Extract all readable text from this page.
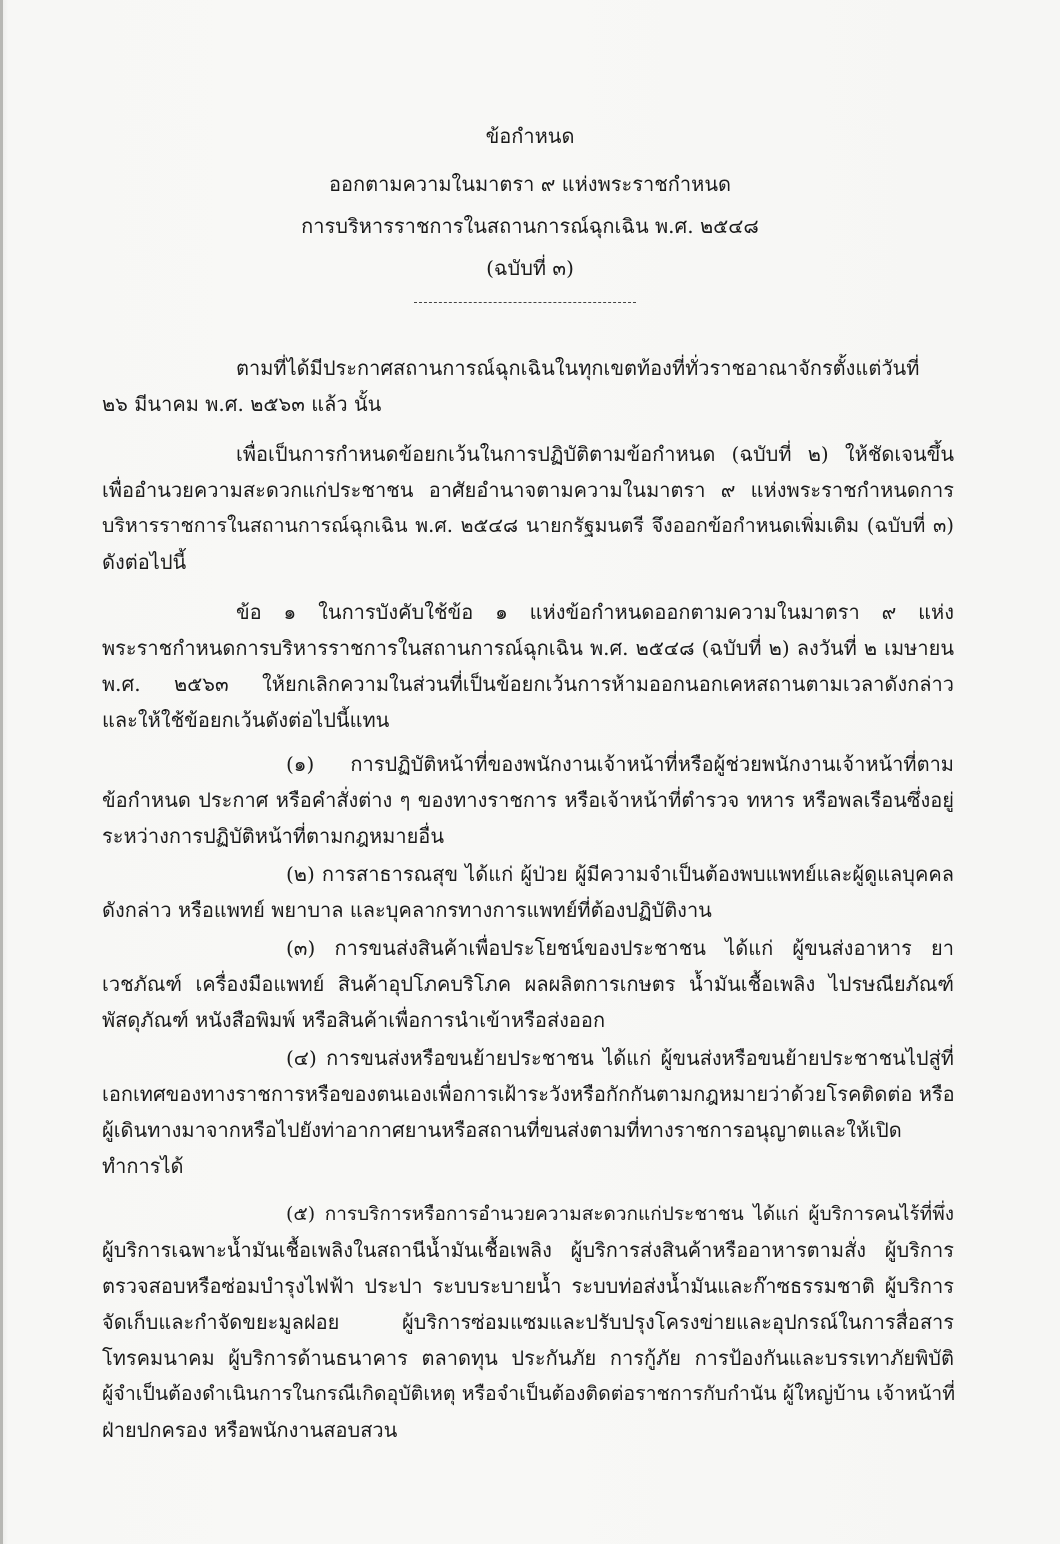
ข้อกำหนด
ออกตามความในมาตรา ๙ แห่งพระราชกำหนด
การบริหารราชการในสถานการณ์ฉุกเฉิน พ.ศ. ๒๕๔๘
(ฉบับที่ ๓)
ตามที่ได้มีประกาศสถานการณ์ฉุกเฉินในทุกเขตท้องที่ทั่วราชอาณาจักรตั้งแต่วันที่
๒๖ มีนาคม พ.ศ. ๒๕๖๓ แล้ว นั้น
เพื่อเป็นการกำหนดข้อยกเว้นในการปฏิบัติตามข้อกำหนด (ฉบับที่ ๒) ให้ชัดเจนขึ้น
เพื่ออำนวยความสะดวกแก่ประชาชน อาศัยอำนาจตามความในมาตรา ๙ แห่งพระราชกำหนดการ
บริหารราชการในสถานการณ์ฉุกเฉิน พ.ศ. ๒๕๔๘ นายกรัฐมนตรี จึงออกข้อกำหนดเพิ่มเติม (ฉบับที่ ๓)
ดังต่อไปนี้
ข้อ ๑ ในการบังคับใช้ข้อ ๑ แห่งข้อกำหนดออกตามความในมาตรา ๙ แห่ง
พระราชกำหนดการบริหารราชการในสถานการณ์ฉุกเฉิน พ.ศ. ๒๕๔๘ (ฉบับที่ ๒) ลงวันที่ ๒ เมษายน
พ.ศ. ๒๕๖๓ ให้ยกเลิกความในส่วนที่เป็นข้อยกเว้นการห้ามออกนอกเคหสถานตามเวลาดังกล่าว
และให้ใช้ข้อยกเว้นดังต่อไปนี้แทน
(๑) การปฏิบัติหน้าที่ของพนักงานเจ้าหน้าที่หรือผู้ช่วยพนักงานเจ้าหน้าที่ตาม
ข้อกำหนด ประกาศ หรือคำสั่งต่าง ๆ ของทางราชการ หรือเจ้าหน้าที่ตำรวจ ทหาร หรือพลเรือนซึ่งอยู่
ระหว่างการปฏิบัติหน้าที่ตามกฎหมายอื่น
(๒) การสาธารณสุข ได้แก่ ผู้ป่วย ผู้มีความจำเป็นต้องพบแพทย์และผู้ดูแลบุคคล
ดังกล่าว หรือแพทย์ พยาบาล และบุคลากรทางการแพทย์ที่ต้องปฏิบัติงาน
(๓) การขนส่งสินค้าเพื่อประโยชน์ของประชาชน ได้แก่ ผู้ขนส่งอาหาร ยา
เวชภัณฑ์ เครื่องมือแพทย์ สินค้าอุปโภคบริโภค ผลผลิตการเกษตร น้ำมันเชื้อเพลิง ไปรษณียภัณฑ์
พัสดุภัณฑ์ หนังสือพิมพ์ หรือสินค้าเพื่อการนำเข้าหรือส่งออก
(๔) การขนส่งหรือขนย้ายประชาชน ได้แก่ ผู้ขนส่งหรือขนย้ายประชาชนไปสู่ที่
เอกเทศของทางราชการหรือของตนเองเพื่อการเฝ้าระวังหรือกักกันตามกฎหมายว่าด้วยโรคติดต่อ หรือ
ผู้เดินทางมาจากหรือไปยังท่าอากาศยานหรือสถานที่ขนส่งตามที่ทางราชการอนุญาตและให้เปิด
ทำการได้
(๕) การบริการหรือการอำนวยความสะดวกแก่ประชาชน ได้แก่ ผู้บริการคนไร้ที่พึ่ง
ผู้บริการเฉพาะน้ำมันเชื้อเพลิงในสถานีน้ำมันเชื้อเพลิง ผู้บริการส่งสินค้าหรืออาหารตามสั่ง ผู้บริการ
ตรวจสอบหรือซ่อมบำรุงไฟฟ้า ประปา ระบบระบายน้ำ ระบบท่อส่งน้ำมันและก๊าซธรรมชาติ ผู้บริการ
จัดเก็บและกำจัดขยะมูลฝอย ผู้บริการซ่อมแซมและปรับปรุงโครงข่ายและอุปกรณ์ในการสื่อสาร
โทรคมนาคม ผู้บริการด้านธนาคาร ตลาดทุน ประกันภัย การกู้ภัย การป้องกันและบรรเทาภัยพิบัติ
ผู้จำเป็นต้องดำเนินการในกรณีเกิดอุบัติเหตุ หรือจำเป็นต้องติดต่อราชการกับกำนัน ผู้ใหญ่บ้าน เจ้าหน้าที่
ฝ่ายปกครอง หรือพนักงานสอบสวน
